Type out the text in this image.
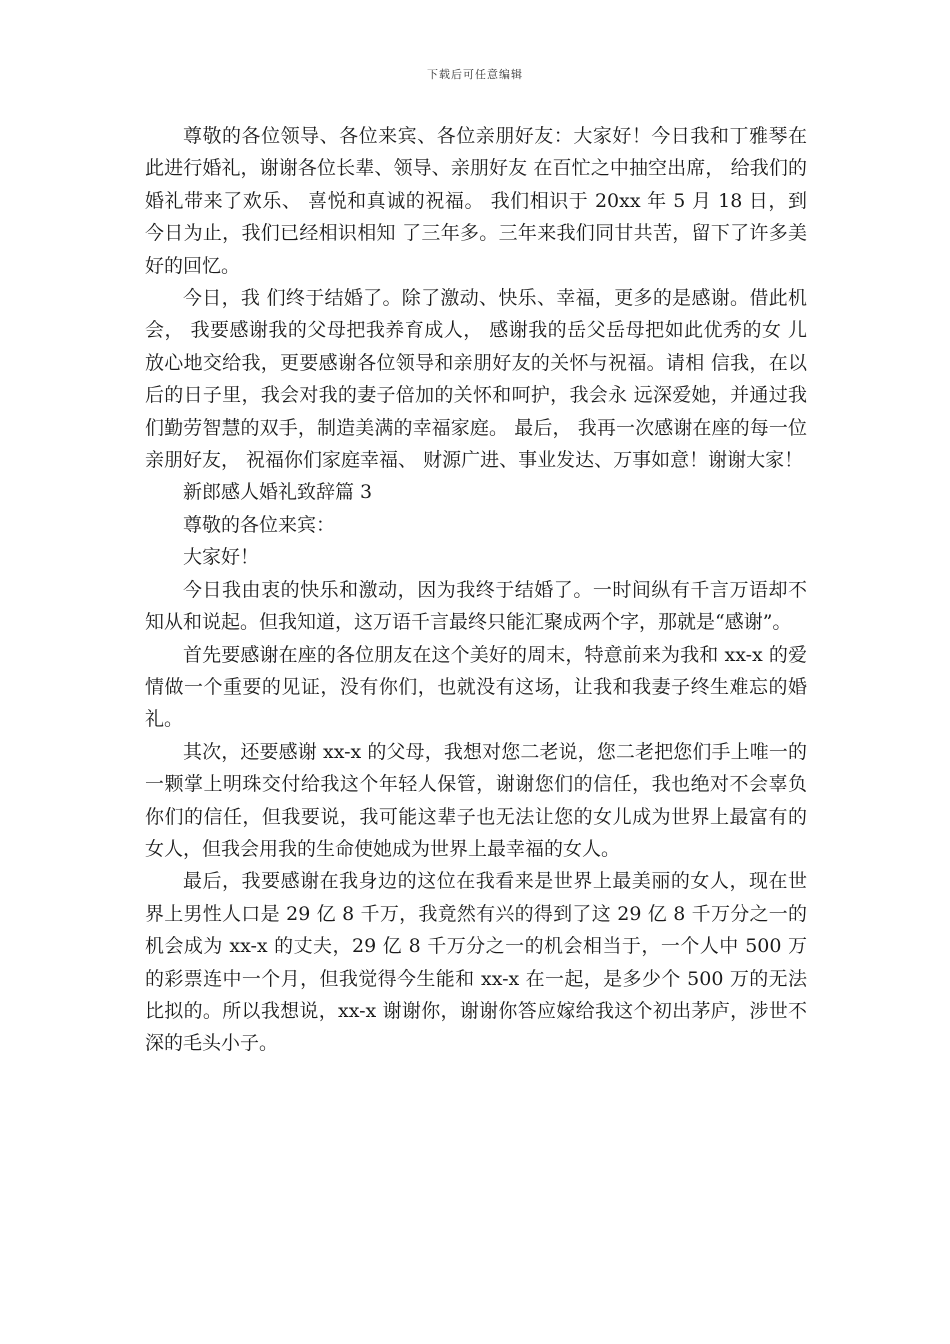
下载后可任意编辑

尊敬的各位领导、各位来宾、各位亲朋好友：大家好！今日我和丁雅琴在此进行婚礼，谢谢各位长辈、领导、亲朋好友 在百忙之中抽空出席， 给我们的婚礼带来了欢乐、 喜悦和真诚的祝福。 我们相识于 20xx 年 5 月 18 日，到今日为止，我们已经相识相知 了三年多。三年来我们同甘共苦，留下了许多美好的回忆。

今日，我 们终于结婚了。除了激动、快乐、幸福，更多的是感谢。借此机会， 我要感谢我的父母把我养育成人， 感谢我的岳父岳母把如此优秀的女 儿放心地交给我，更要感谢各位领导和亲朋好友的关怀与祝福。请相 信我，在以后的日子里，我会对我的妻子倍加的关怀和呵护，我会永 远深爱她，并通过我们勤劳智慧的双手，制造美满的幸福家庭。 最后， 我再一次感谢在座的每一位亲朋好友， 祝福你们家庭幸福、 财源广进、事业发达、万事如意！谢谢大家！

新郎感人婚礼致辞篇 3

尊敬的各位来宾：

大家好！

今日我由衷的快乐和激动，因为我终于结婚了。一时间纵有千言万语却不知从和说起。但我知道，这万语千言最终只能汇聚成两个字，那就是“感谢”。

首先要感谢在座的各位朋友在这个美好的周末，特意前来为我和 xx-x 的爱情做一个重要的见证，没有你们，也就没有这场，让我和我妻子终生难忘的婚礼。

其次，还要感谢 xx-x 的父母，我想对您二老说，您二老把您们手上唯一的一颗掌上明珠交付给我这个年轻人保管，谢谢您们的信任，我也绝对不会辜负你们的信任，但我要说，我可能这辈子也无法让您的女儿成为世界上最富有的女人，但我会用我的生命使她成为世界上最幸福的女人。

最后，我要感谢在我身边的这位在我看来是世界上最美丽的女人，现在世界上男性人口是 29 亿 8 千万，我竟然有兴的得到了这 29 亿 8 千万分之一的机会成为 xx-x 的丈夫，29 亿 8 千万分之一的机会相当于，一个人中 500 万的彩票连中一个月，但我觉得今生能和 xx-x 在一起，是多少个 500 万的无法比拟的。所以我想说，xx-x 谢谢你，谢谢你答应嫁给我这个初出茅庐，涉世不深的毛头小子。
